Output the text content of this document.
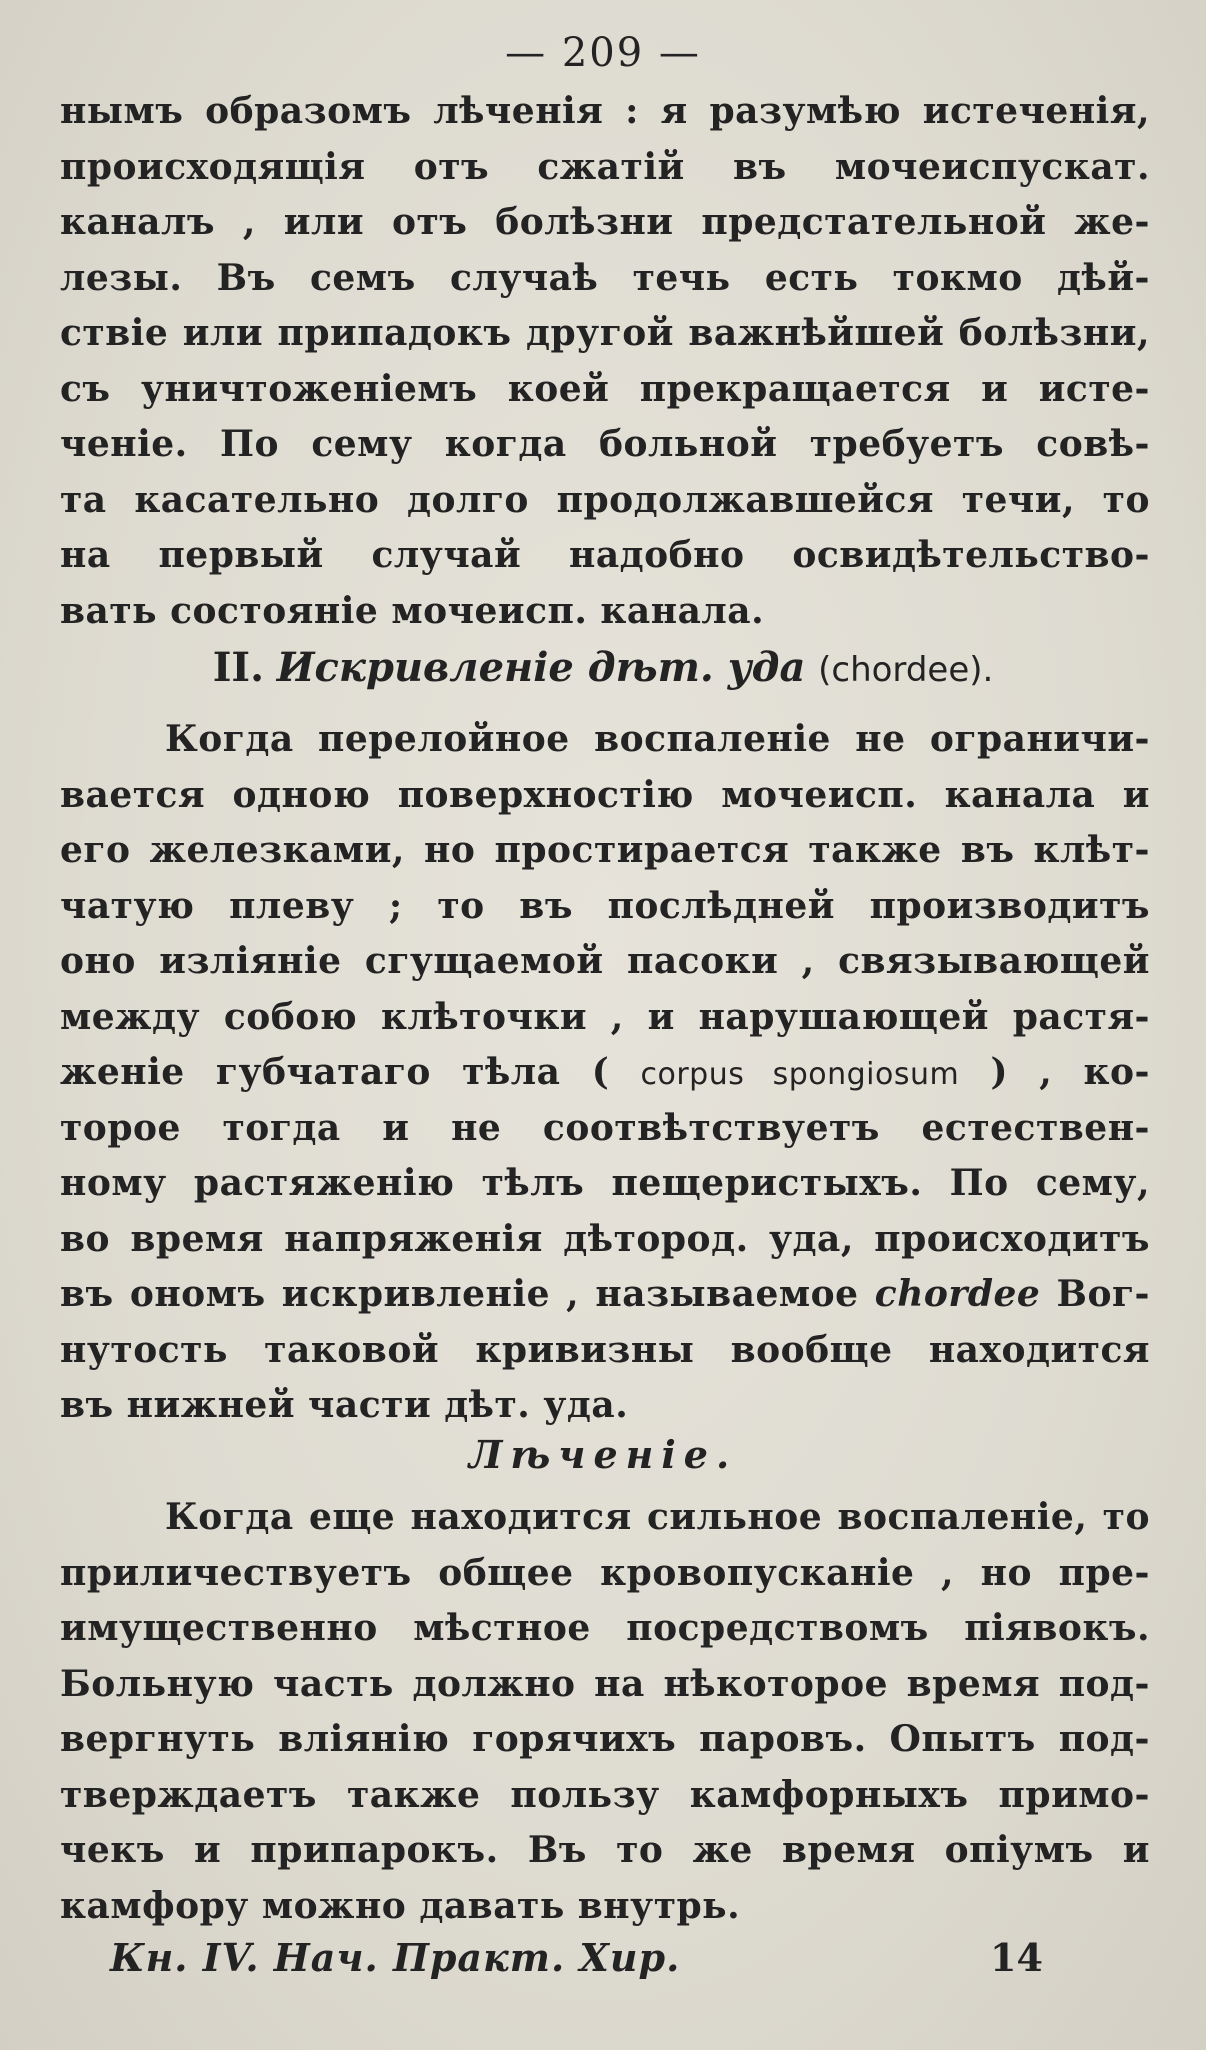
— 209 —
нымъ образомъ лѣченія : я разумѣю истеченія,
происходящія отъ сжатій въ мочеиспускат.
каналъ , или отъ болѣзни предстательной же-
лезы. Въ семъ случаѣ течь есть токмо дѣй-
ствіе или припадокъ другой важнѣйшей болѣзни,
съ уничтоженіемъ коей прекращается и исте-
ченіе. По сему когда больной требуетъ совѣ-
та касательно долго продолжавшейся течи, то
на первый случай надобно освидѣтельство-
вать состояніе мочеисп. канала.
II. Искривленіе дѣт. уда (chordee).
Когда перелойное воспаленіе не ограничи-
вается одною поверхностію мочеисп. канала и
его железками, но простирается также въ клѣт-
чатую плеву ; то въ послѣдней производитъ
оно изліяніе сгущаемой пасоки , связывающей
между собою клѣточки , и нарушающей растя-
женіе губчатаго тѣла ( corpus spongiosum ) , ко-
торое тогда и не соотвѣтствуетъ естествен-
ному растяженію тѣлъ пещеристыхъ. По сему,
во время напряженія дѣтород. уда, происходитъ
въ ономъ искривленіе , называемое chordee Вог-
нутость таковой кривизны вообще находится
въ нижней части дѣт. уда.
Лѣченіе.
Когда еще находится сильное воспаленіе, то
приличествуетъ общее кровопусканіе , но пре-
имущественно мѣстное посредствомъ піявокъ.
Больную часть должно на нѣкоторое время под-
вергнуть вліянію горячихъ паровъ. Опытъ под-
тверждаетъ также пользу камфорныхъ примо-
чекъ и припарокъ. Въ то же время опіумъ и
камфору можно давать внутрь.
Кн. IV. Нач. Практ. Хир.	14
